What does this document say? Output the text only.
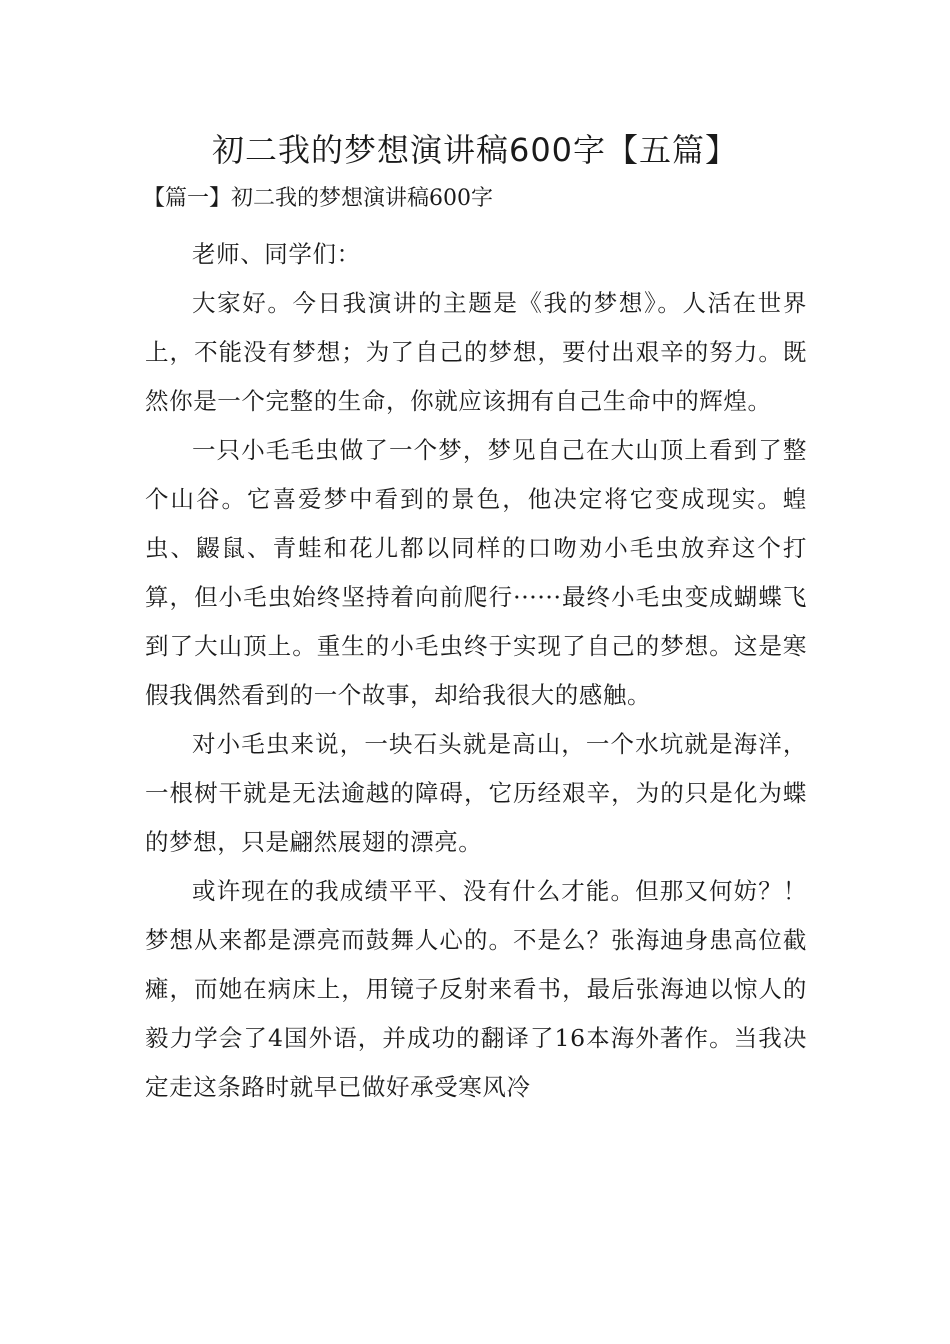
初二我的梦想演讲稿600字【五篇】
【篇一】初二我的梦想演讲稿600字

老师、同学们：

大家好。今日我演讲的主题是《我的梦想》。人活在世界上，不能没有梦想；为了自己的梦想，要付出艰辛的努力。既然你是一个完整的生命，你就应该拥有自己生命中的辉煌。

一只小毛毛虫做了一个梦，梦见自己在大山顶上看到了整个山谷。它喜爱梦中看到的景色，他决定将它变成现实。蝗虫、鼹鼠、青蛙和花儿都以同样的口吻劝小毛虫放弃这个打算，但小毛虫始终坚持着向前爬行······最终小毛虫变成蝴蝶飞到了大山顶上。重生的小毛虫终于实现了自己的梦想。这是寒假我偶然看到的一个故事，却给我很大的感触。

对小毛虫来说，一块石头就是高山，一个水坑就是海洋，一根树干就是无法逾越的障碍，它历经艰辛，为的只是化为蝶的梦想，只是翩然展翅的漂亮。

或许现在的我成绩平平、没有什么才能。但那又何妨？！梦想从来都是漂亮而鼓舞人心的。不是么？张海迪身患高位截瘫，而她在病床上，用镜子反射来看书，最后张海迪以惊人的毅力学会了4国外语，并成功的翻译了16本海外著作。当我决定走这条路时就早已做好承受寒风冷
